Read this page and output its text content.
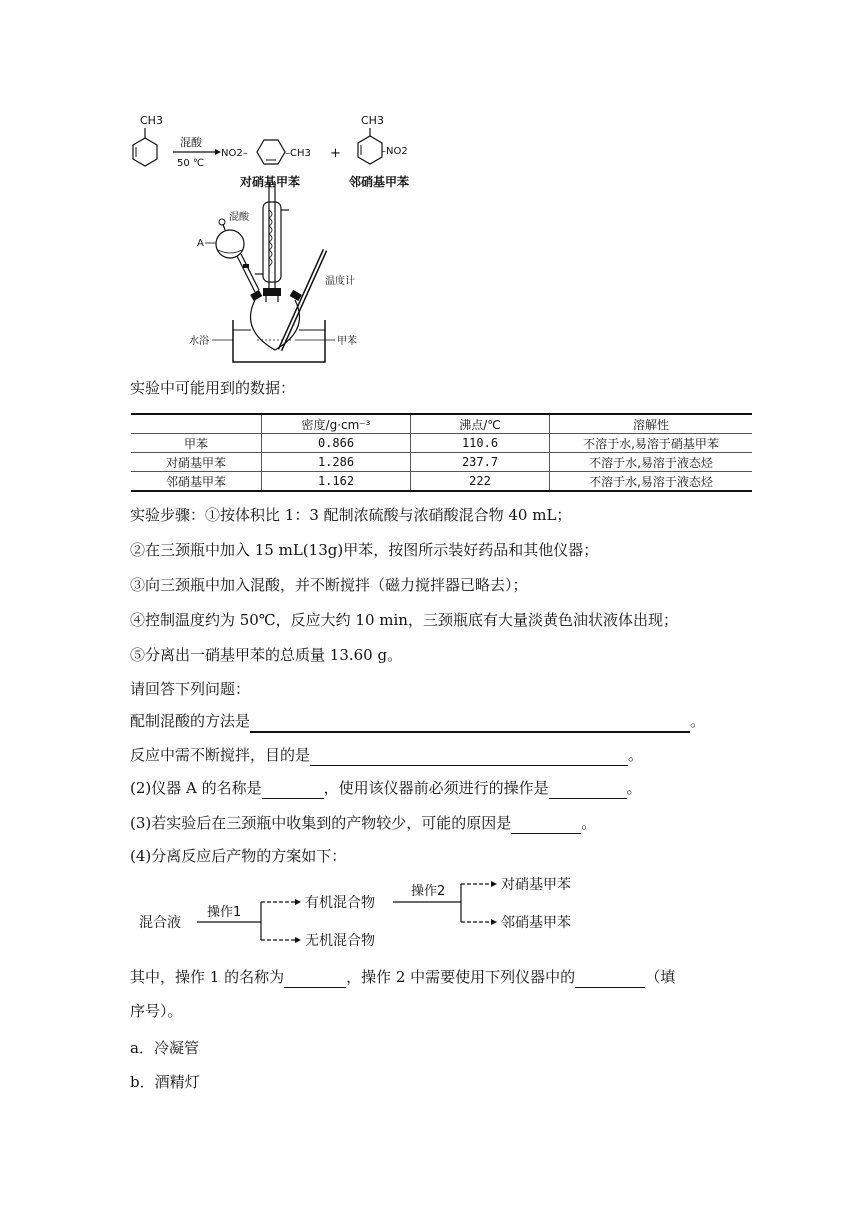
CH3
混酸
50 ℃
NO2–	–CH3
对硝基甲苯
+
CH3
–NO2
邻硝基甲苯
混酸
A
温度计
水浴	甲苯
实验中可能用到的数据：
	密度/g·cm⁻³	沸点/℃	溶解性
甲苯	0.866	110.6	不溶于水,易溶于硝基甲苯
对硝基甲苯	1.286	237.7	不溶于水,易溶于液态烃
邻硝基甲苯	1.162	222	不溶于水,易溶于液态烃
实验步骤：①按体积比 1：3 配制浓硫酸与浓硝酸混合物 40 mL；
②在三颈瓶中加入 15 mL(13g)甲苯，按图所示装好药品和其他仪器；
③向三颈瓶中加入混酸，并不断搅拌（磁力搅拌器已略去）；
④控制温度约为 50℃，反应大约 10 min，三颈瓶底有大量淡黄色油状液体出现；
⑤分离出一硝基甲苯的总质量 13.60 g。
请回答下列问题：
配制混酸的方法是	。
反应中需不断搅拌，目的是	。
(2)仪器 A 的名称是	，使用该仪器前必须进行的操作是	。
(3)若实验后在三颈瓶中收集到的产物较少，可能的原因是	。
(4)分离反应后产物的方案如下：
混合液
操作1
有机混合物
无机混合物
操作2	对硝基甲苯
邻硝基甲苯
其中，操作 1 的名称为	，操作 2 中需要使用下列仪器中的	（填
序号）。
a．冷凝管
b．酒精灯
